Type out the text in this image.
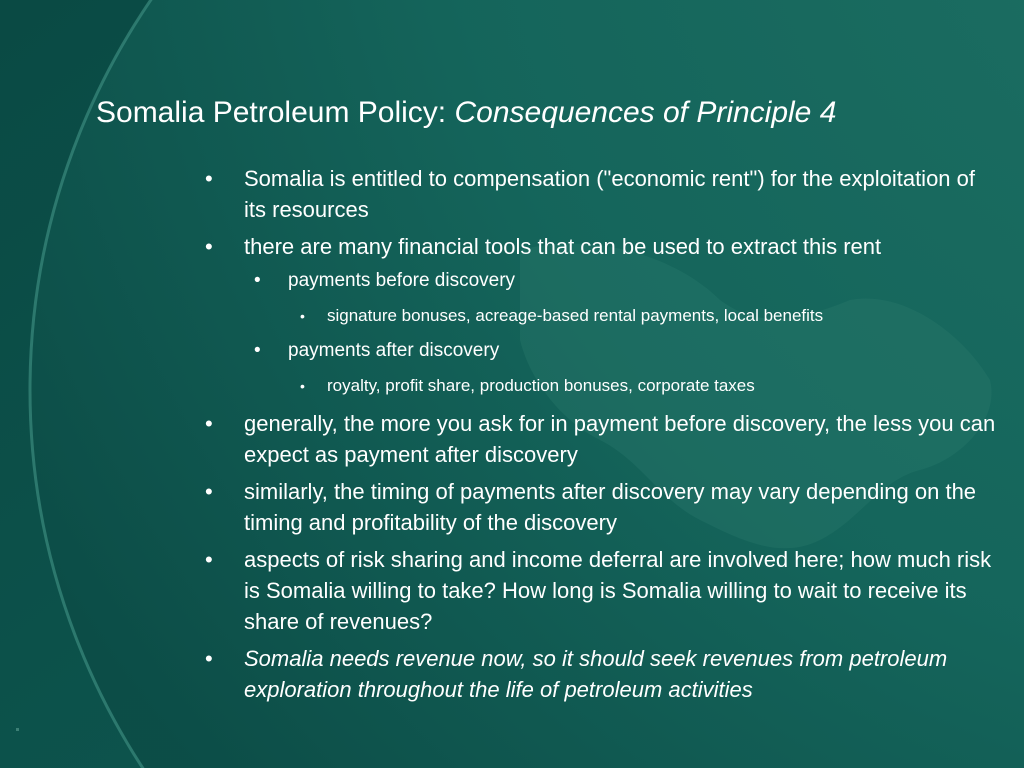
Somalia Petroleum Policy: Consequences of Principle 4
• Somalia is entitled to compensation ("economic rent") for the exploitation of its resources
• there are many financial tools that can be used to extract this rent
• payments before discovery
• signature bonuses, acreage-based rental payments, local benefits
• payments after discovery
• royalty, profit share, production bonuses, corporate taxes
• generally, the more you ask for in payment before discovery, the less you can expect as payment after discovery
• similarly, the timing of payments after discovery may vary depending on the timing and profitability of the discovery
• aspects of risk sharing and income deferral are involved here; how much risk is Somalia willing to take? How long is Somalia willing to wait to receive its share of revenues?
• Somalia needs revenue now, so it should seek revenues from petroleum exploration throughout the life of petroleum activities
